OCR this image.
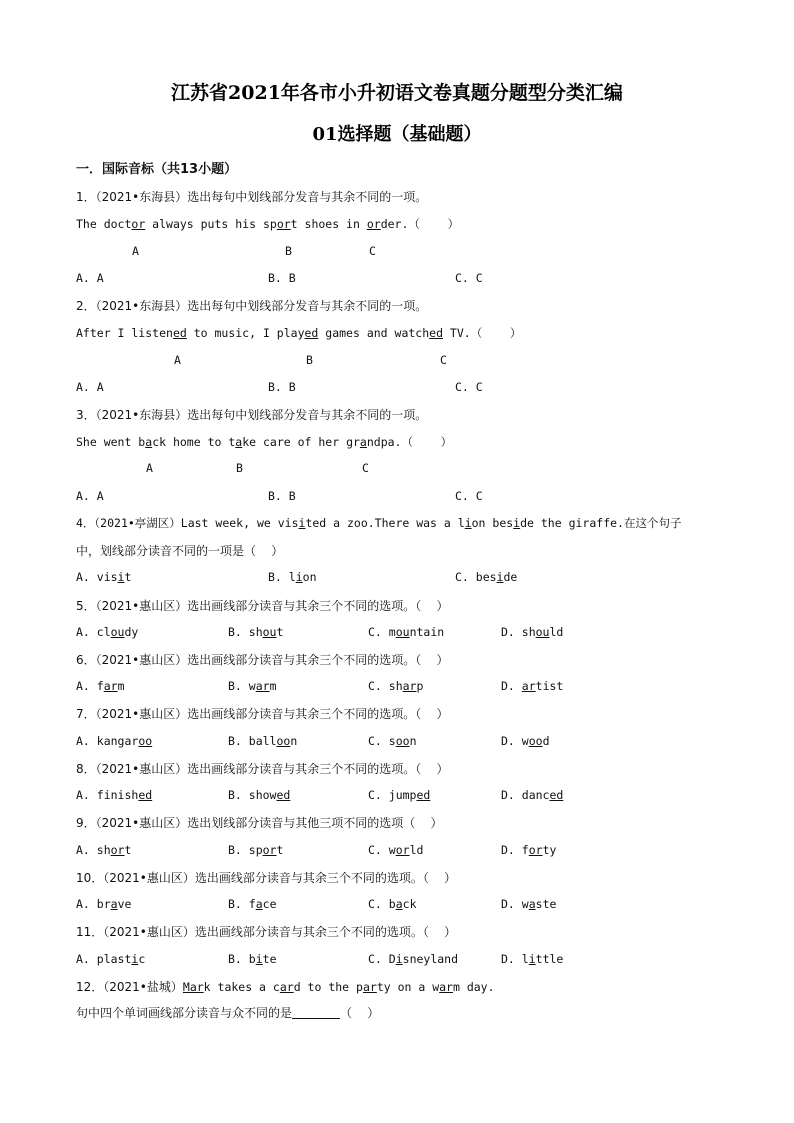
江苏省2021年各市小升初语文卷真题分题型分类汇编
01选择题（基础题）
一．国际音标（共13小题）
1．（2021•东海县）选出每句中划线部分发音与其余不同的一项。
The doctor always puts his sport shoes in order.（    ）
A	B	C
A. A	B. B	C. C
2．（2021•东海县）选出每句中划线部分发音与其余不同的一项。
After I listened to music, I played games and watched TV.（    ）
A	B	C
A. A	B. B	C. C
3．（2021•东海县）选出每句中划线部分发音与其余不同的一项。
She went back home to take care of her grandpa.（    ）
A	B	C
A. A	B. B	C. C
4．（2021•亭湖区）Last week, we visited a zoo.There was a lion beside the giraffe.在这个句子
中，划线部分读音不同的一项是（    ）
A. visit	B. lion	C. beside
5．（2021•惠山区）选出画线部分读音与其余三个不同的选项。（    ）
A. cloudy	B. shout	C. mountain	D. should
6．（2021•惠山区）选出画线部分读音与其余三个不同的选项。（    ）
A. farm	B. warm	C. sharp	D. artist
7．（2021•惠山区）选出画线部分读音与其余三个不同的选项。（    ）
A. kangaroo	B. balloon	C. soon	D. wood
8．（2021•惠山区）选出画线部分读音与其余三个不同的选项。（    ）
A. finished	B. showed	C. jumped	D. danced
9．（2021•惠山区）选出划线部分读音与其他三项不同的选项（    ）
A. short	B. sport	C. world	D. forty
10．（2021•惠山区）选出画线部分读音与其余三个不同的选项。（    ）
A. brave	B. face	C. back	D. waste
11．（2021•惠山区）选出画线部分读音与其余三个不同的选项。（    ）
A. plastic	B. bite	C. Disneyland	D. little
12．（2021•盐城）Mark takes a card to the party on a warm day.
句中四个单词画线部分读音与众不同的是	（    ）
